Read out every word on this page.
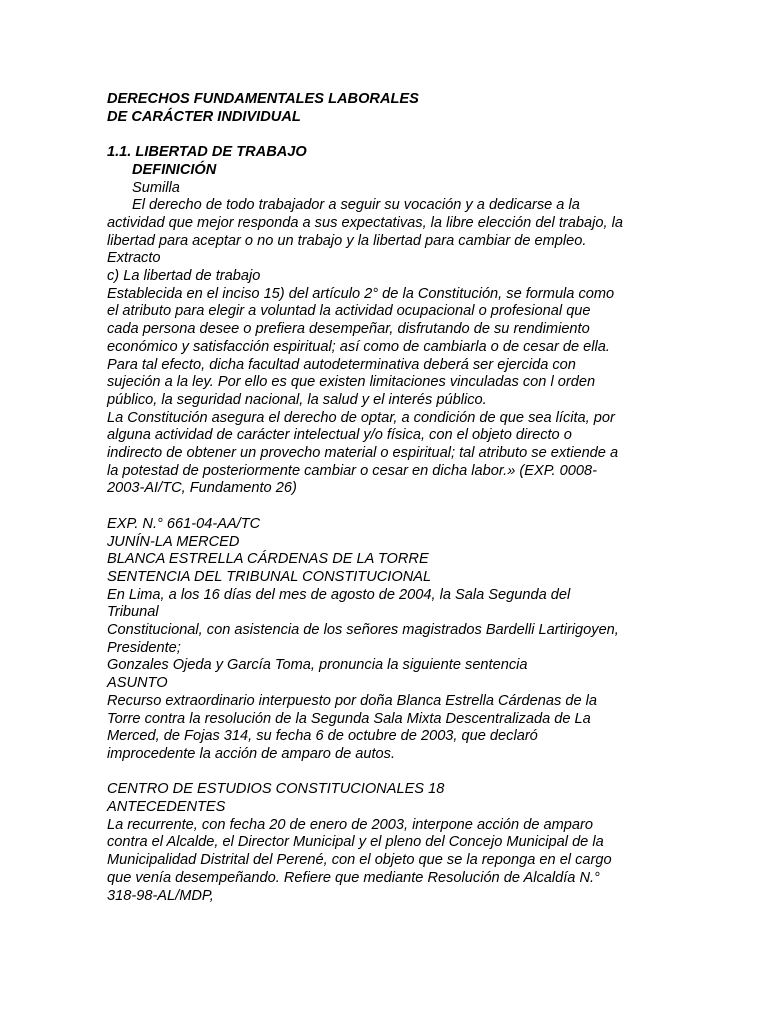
DERECHOS FUNDAMENTALES LABORALES
DE CARÁCTER INDIVIDUAL
1.1. LIBERTAD DE TRABAJO
DEFINICIÓN
Sumilla
El derecho de todo trabajador a seguir su vocación y a dedicarse a la
actividad que mejor responda a sus expectativas, la libre elección del trabajo, la
libertad para aceptar o no un trabajo y la libertad para cambiar de empleo.
Extracto
c) La libertad de trabajo
Establecida en el inciso 15) del artículo 2° de la Constitución, se formula como
el atributo para elegir a voluntad la actividad ocupacional o profesional que
cada persona desee o prefiera desempeñar, disfrutando de su rendimiento
económico y satisfacción espiritual; así como de cambiarla o de cesar de ella.
Para tal efecto, dicha facultad autodeterminativa deberá ser ejercida con
sujeción a la ley. Por ello es que existen limitaciones vinculadas con l orden
público, la seguridad nacional, la salud y el interés público.
La Constitución asegura el derecho de optar, a condición de que sea lícita, por
alguna actividad de carácter intelectual y/o física, con el objeto directo o
indirecto de obtener un provecho material o espiritual; tal atributo se extiende a
la potestad de posteriormente cambiar o cesar en dicha labor.» (EXP. 0008-
2003-AI/TC, Fundamento 26)
EXP. N.° 661-04-AA/TC
JUNÍN-LA MERCED
BLANCA ESTRELLA CÁRDENAS DE LA TORRE
SENTENCIA DEL TRIBUNAL CONSTITUCIONAL
En Lima, a los 16 días del mes de agosto de 2004, la Sala Segunda del
Tribunal
Constitucional, con asistencia de los señores magistrados Bardelli Lartirigoyen,
Presidente;
Gonzales Ojeda y García Toma, pronuncia la siguiente sentencia
ASUNTO
Recurso extraordinario interpuesto por doña Blanca Estrella Cárdenas de la
Torre contra la resolución de la Segunda Sala Mixta Descentralizada de La
Merced, de Fojas 314, su fecha 6 de octubre de 2003, que declaró
improcedente la acción de amparo de autos.
CENTRO DE ESTUDIOS CONSTITUCIONALES 18
ANTECEDENTES
La recurrente, con fecha 20 de enero de 2003, interpone acción de amparo
contra el Alcalde, el Director Municipal y el pleno del Concejo Municipal de la
Municipalidad Distrital del Perené, con el objeto que se la reponga en el cargo
que venía desempeñando. Refiere que mediante Resolución de Alcaldía N.°
318-98-AL/MDP,
